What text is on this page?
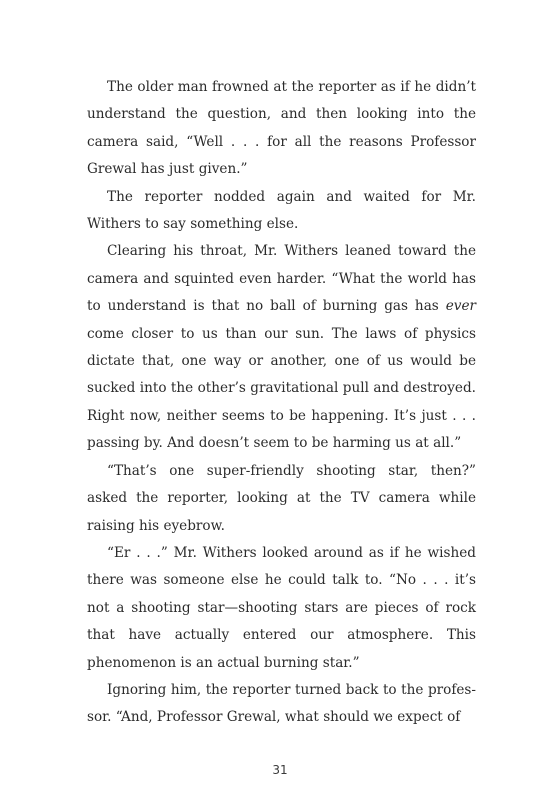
The older man frowned at the reporter as if he didn’t understand the question, and then looking into the camera said, “Well . . . for all the reasons Professor Grewal has just given.”

The reporter nodded again and waited for Mr. Withers to say something else.

Clearing his throat, Mr. Withers leaned toward the camera and squinted even harder. “What the world has to understand is that no ball of burning gas has ever come closer to us than our sun. The laws of physics dictate that, one way or another, one of us would be sucked into the other’s gravitational pull and destroyed. Right now, neither seems to be happening. It’s just . . . passing by. And doesn’t seem to be harming us at all.”

“That’s one super-friendly shooting star, then?” asked the reporter, looking at the TV camera while raising his eyebrow.

“Er . . .” Mr. Withers looked around as if he wished there was someone else he could talk to. “No . . . it’s not a shooting star—shooting stars are pieces of rock that have actually entered our atmosphere. This phenomenon is an actual burning star.”

Ignoring him, the reporter turned back to the professor. “And, Professor Grewal, what should we expect of

31
